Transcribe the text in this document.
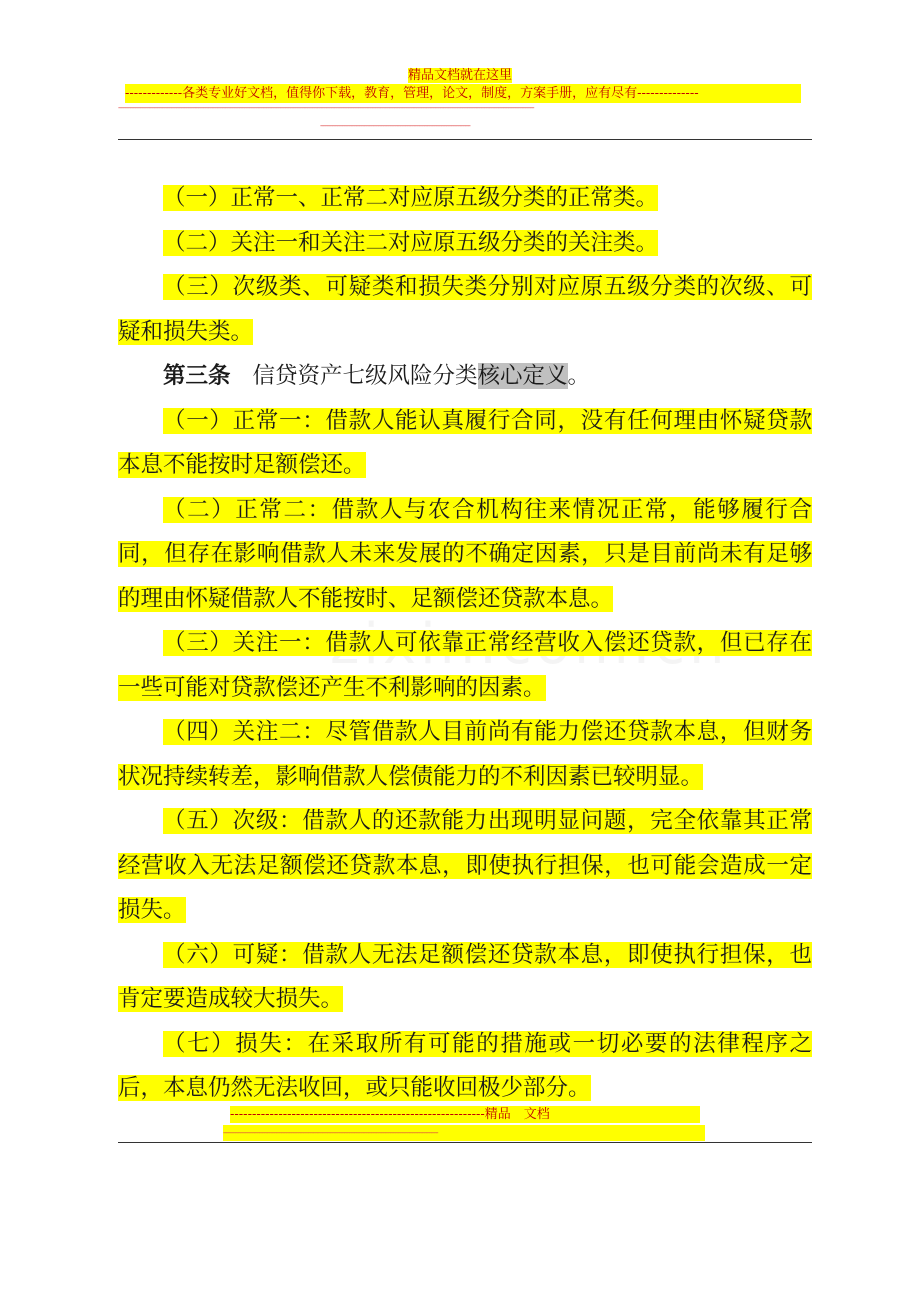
精品文档就在这里
-------------各类专业好文档，值得你下载，教育，管理，论文，制度，方案手册，应有尽有--------------
----------------------------------------------------------------------------------------------------------------------------------------------------------------------------------------------------------------------------------------------------
----------------------------------------------------------------------------------------

（一）正常一、正常二对应原五级分类的正常类。

（二）关注一和关注二对应原五级分类的关注类。

（三）次级类、可疑类和损失类分别对应原五级分类的次级、可疑和损失类。

第三条 信贷资产七级风险分类核心定义。

（一）正常一：借款人能认真履行合同，没有任何理由怀疑贷款本息不能按时足额偿还。

（二）正常二：借款人与农合机构往来情况正常，能够履行合同，但存在影响借款人未来发展的不确定因素，只是目前尚未有足够的理由怀疑借款人不能按时、足额偿还贷款本息。

（三）关注一：借款人可依靠正常经营收入偿还贷款，但已存在一些可能对贷款偿还产生不利影响的因素。

（四）关注二：尽管借款人目前尚有能力偿还贷款本息，但财务状况持续转差，影响借款人偿债能力的不利因素已较明显。

（五）次级：借款人的还款能力出现明显问题，完全依靠其正常经营收入无法足额偿还贷款本息，即使执行担保，也可能会造成一定损失。

（六）可疑：借款人无法足额偿还贷款本息，即使执行担保，也肯定要造成较大损失。

（七）损失：在采取所有可能的措施或一切必要的法律程序之后，本息仍然无法收回，或只能收回极少部分。

----------------------------------------------------------精品　文档
------------------------------------------------------------------------------------------------------------------------------
